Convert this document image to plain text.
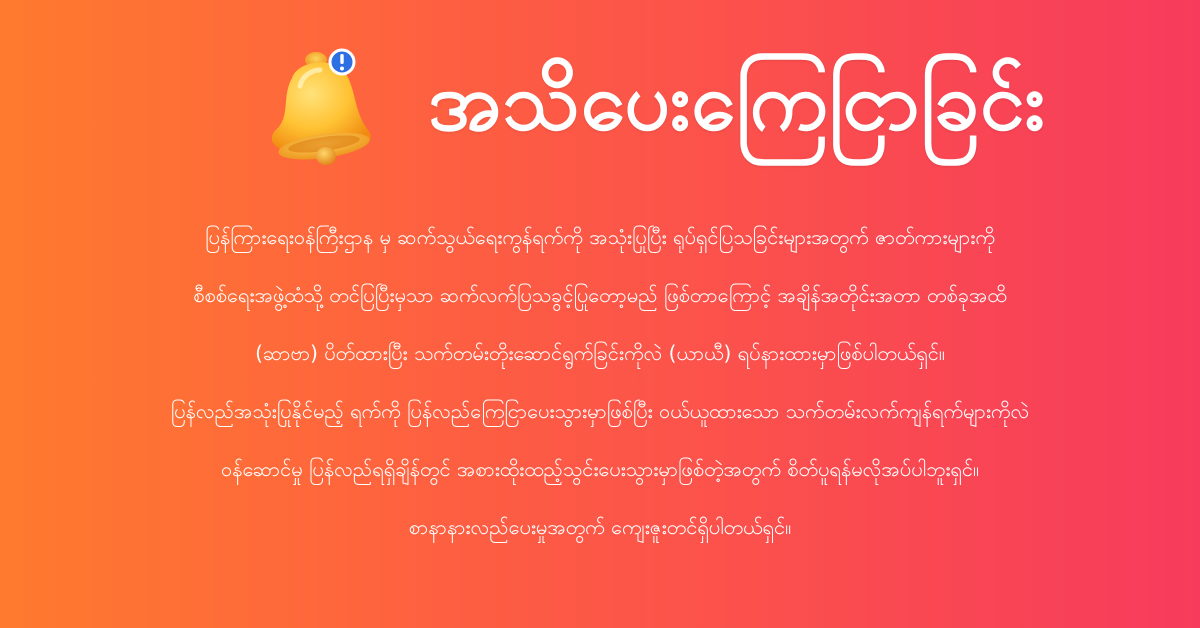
အသိပေးကြေငြာခြင်း
ပြန်ကြားရေးဝန်ကြီးဌာန မှ ဆက်သွယ်ရေးကွန်ရက်ကို အသုံးပြုပြီး ရုပ်ရှင်ပြသခြင်းများအတွက် ဇာတ်ကားများကို
စီစစ်ရေးအဖွဲ့ထံသို့ တင်ပြပြီးမှသာ ဆက်လက်ပြသခွင့်ပြုတော့မည် ဖြစ်တာကြောင့် အချိန်အတိုင်းအတာ တစ်ခုအထိ
(ဆာဗာ) ပိတ်ထားပြီး သက်တမ်းတိုးဆောင်ရွက်ခြင်းကိုလဲ (ယာယီ) ရပ်နားထားမှာဖြစ်ပါတယ်ရှင်။
ပြန်လည်အသုံးပြုနိုင်မည့် ရက်ကို ပြန်လည်ကြေငြာပေးသွားမှာဖြစ်ပြီး ဝယ်ယူထားသော သက်တမ်းလက်ကျန်ရက်များကိုလဲ
ဝန်ဆောင်မှု ပြန်လည်ရရှိချိန်တွင် အစားထိုးထည့်သွင်းပေးသွားမှာဖြစ်တဲ့အတွက် စိတ်ပူရန်မလိုအပ်ပါဘူးရှင်။
စာနာနားလည်ပေးမှုအတွက် ကျေးဇူးတင်ရှိပါတယ်ရှင်။
